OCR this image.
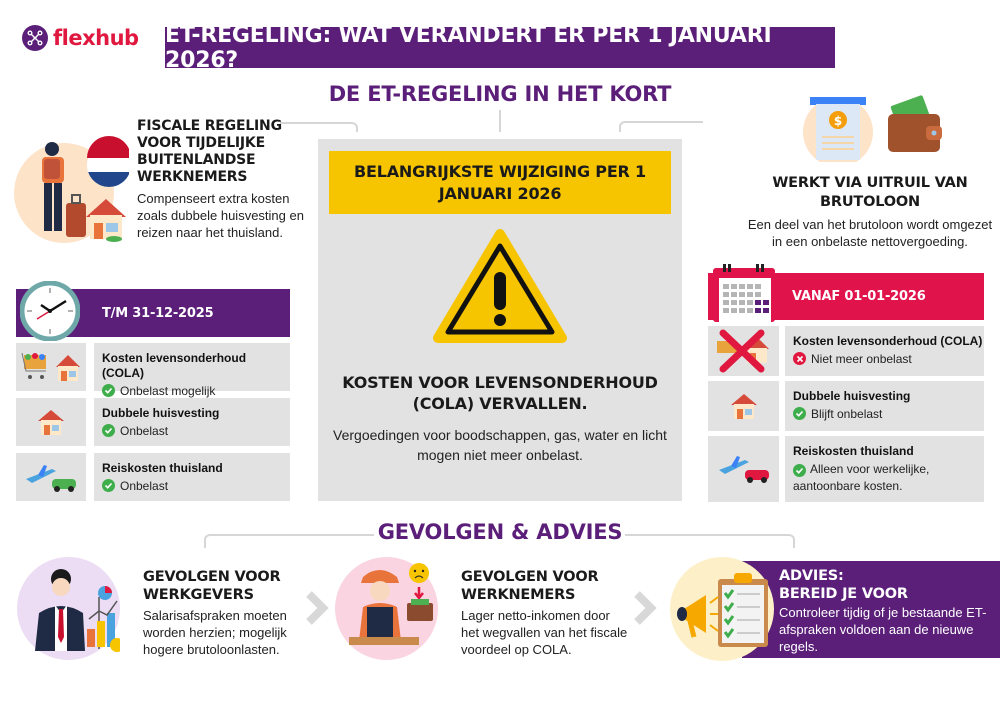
flexhub ET-REGELING: WAT VERANDERT ER PER 1 JANUARI 2026?
DE ET-REGELING IN HET KORT
FISCALE REGELING VOOR TIJDELIJKE BUITENLANDSE WERKNEMERS
Compenseert extra kosten zoals dubbele huisvesting en reizen naar het thuisland.
$
WERKT VIA UITRUIL VAN BRUTOLOON
Een deel van het brutoloon wordt omgezet in een onbelaste nettovergoeding.
BELANGRIJKSTE WIJZIGING PER 1 JANUARI 2026
KOSTEN VOOR LEVENSONDERHOUD (COLA) VERVALLEN.
Vergoedingen voor boodschappen, gas, water en licht mogen niet meer onbelast.
T/M 31-12-2025
Kosten levensonderhoud (COLA)
Onbelast mogelijk
Dubbele huisvesting
Onbelast
Reiskosten thuisland
Onbelast
VANAF 01-01-2026
Kosten levensonderhoud (COLA)
Niet meer onbelast
Dubbele huisvesting
Blijft onbelast
Reiskosten thuisland
Alleen voor werkelijke, aantoonbare kosten.
GEVOLGEN & ADVIES
GEVOLGEN VOOR WERKGEVERS
Salarisafspraken moeten worden herzien; mogelijk hogere brutoloonlasten.
GEVOLGEN VOOR WERKNEMERS
Lager netto-inkomen door het wegvallen van het fiscale voordeel op COLA.
ADVIES:
BEREID JE VOOR
Controleer tijdig of je bestaande ET-afspraken voldoen aan de nieuwe regels.
